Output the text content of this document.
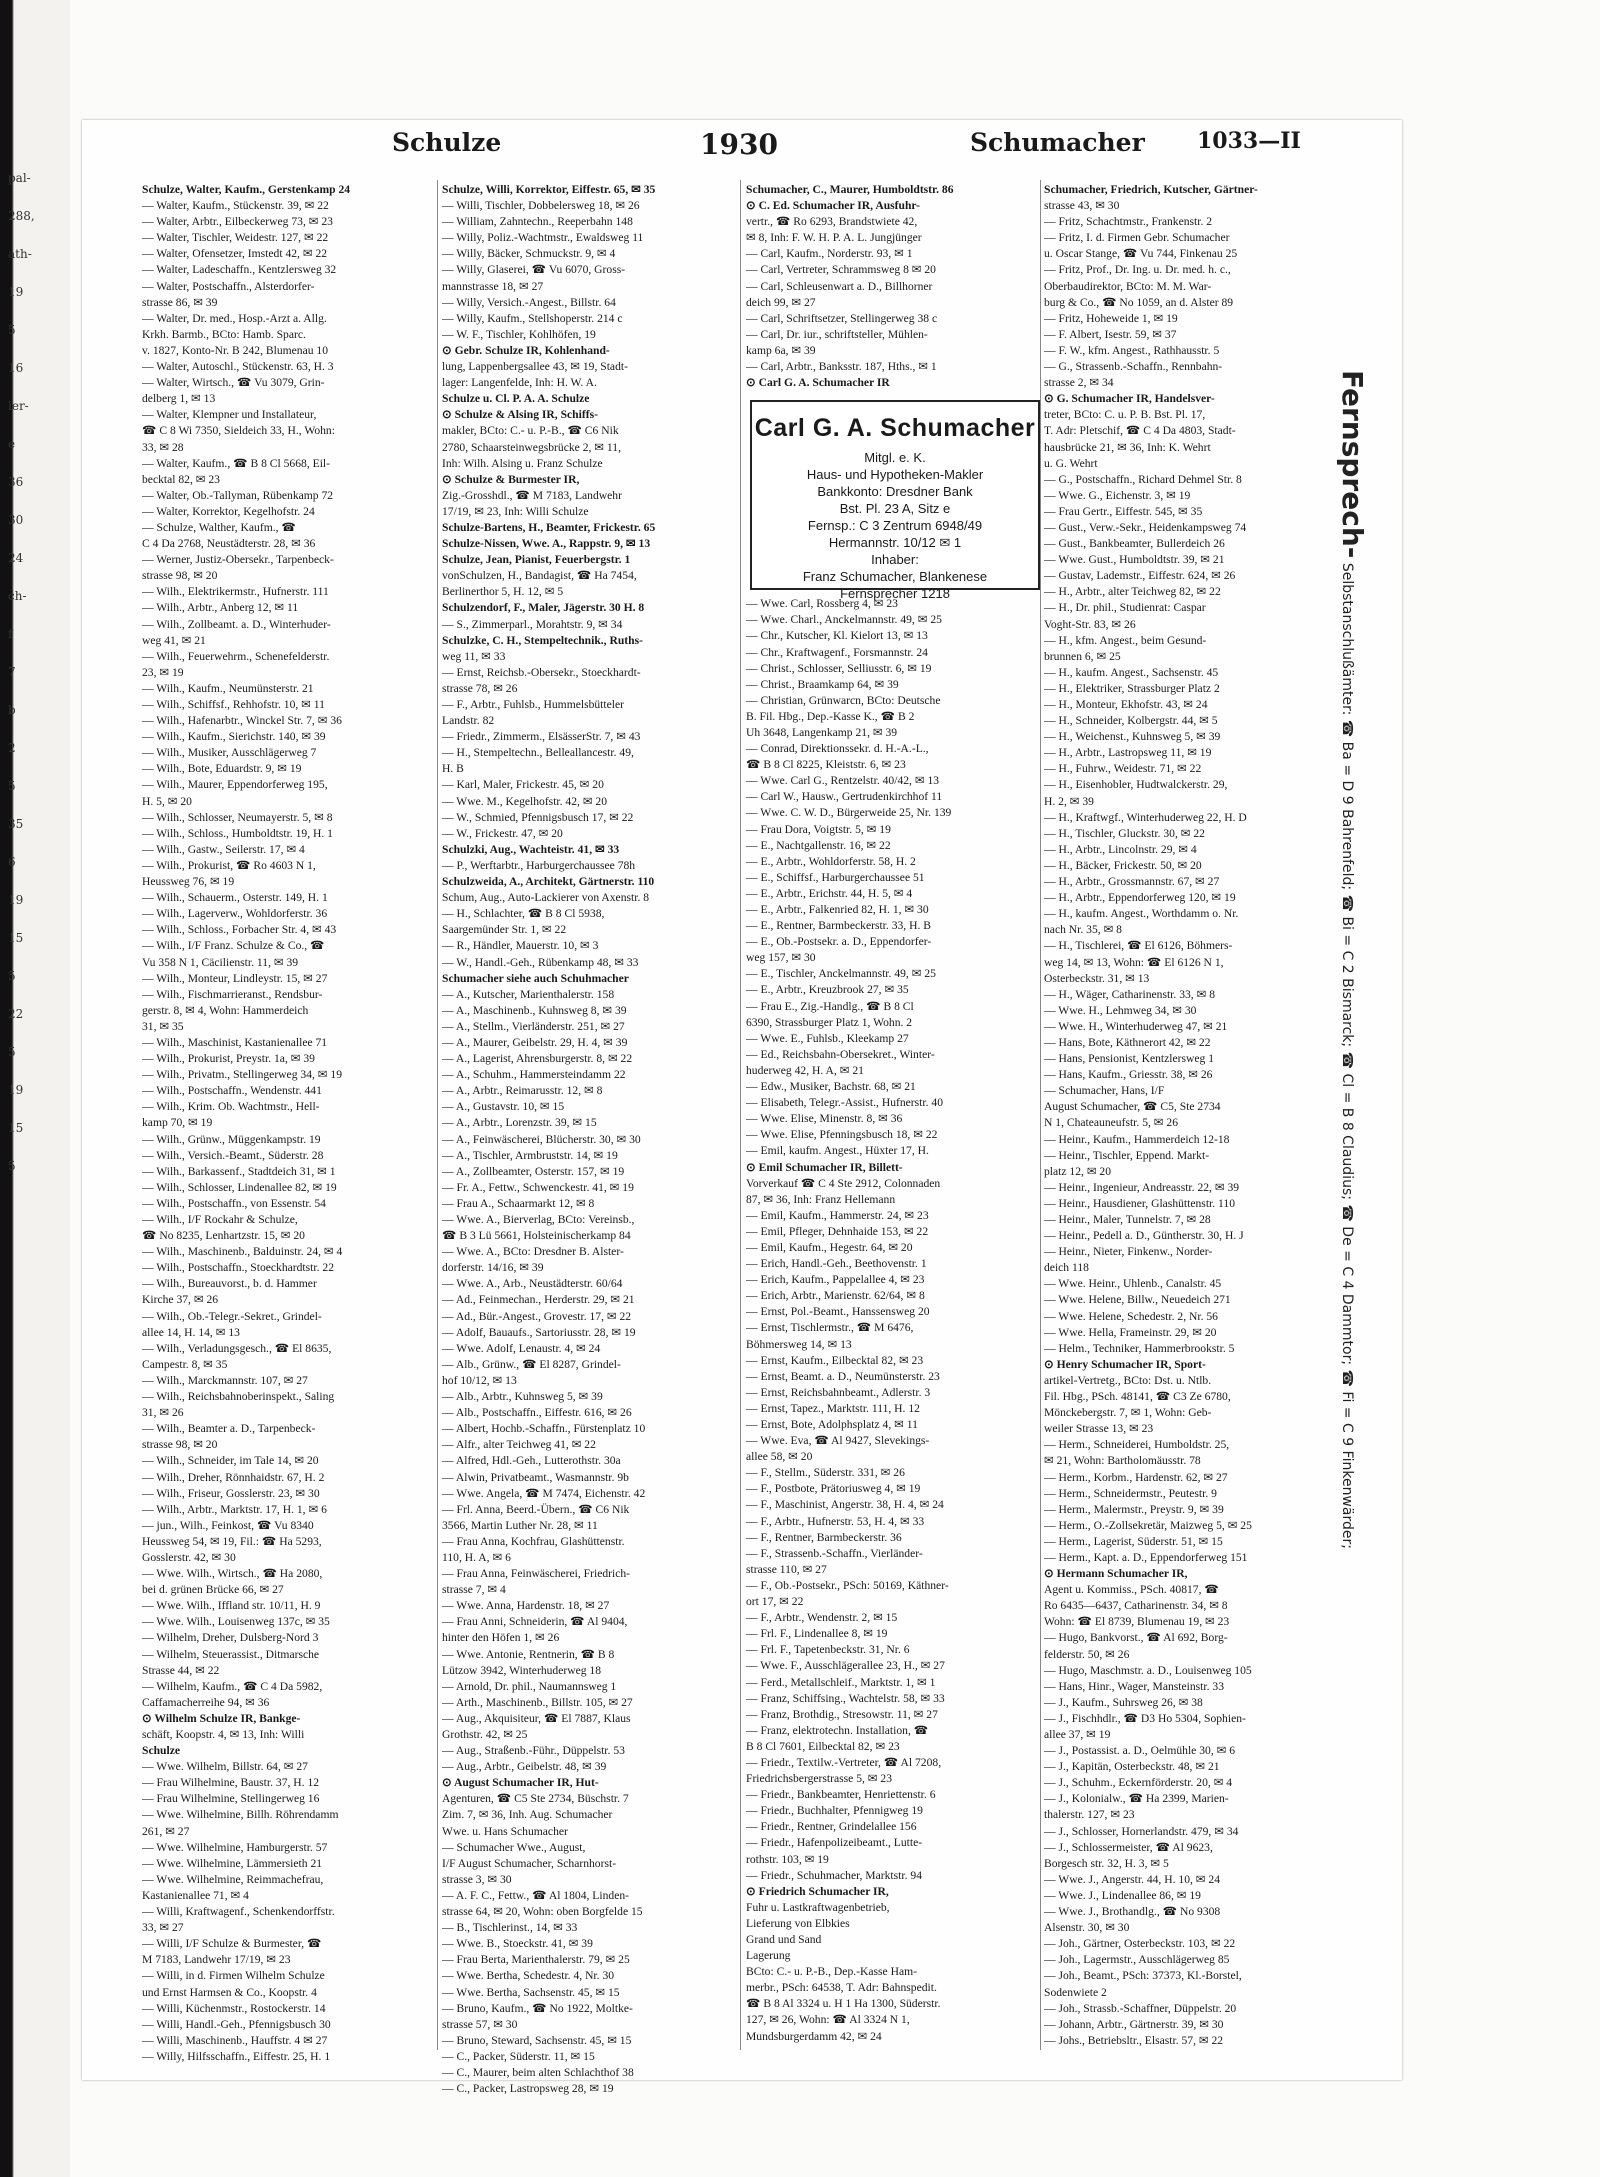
pal-
288,
ath-
19
5
16
ler-
e
36
30
24
ch-
f
7
b
2
5
35
6
19
15
5
22
5
19
15
5
Schulze	1930	Schumacher 1033—II
Schulze, Walter, Kaufm., Gerstenkamp 24
— Walter, Kaufm., Stückenstr. 39, ✉ 22
— Walter, Arbtr., Eilbeckerweg 73, ✉ 23
— Walter, Tischler, Weidestr. 127, ✉ 22
— Walter, Ofensetzer, Imstedt 42, ✉ 22
— Walter, Ladeschaffn., Kentzlersweg 32
— Walter, Postschaffn., Alsterdorfer-
strasse 86, ✉ 39
— Walter, Dr. med., Hosp.-Arzt a. Allg.
Krkh. Barmb., BCto: Hamb. Sparc.
v. 1827, Konto-Nr. B 242, Blumenau 10
— Walter, Autoschl., Stückenstr. 63, H. 3
— Walter, Wirtsch., ☎ Vu 3079, Grin-
delberg 1, ✉ 13
— Walter, Klempner und Installateur,
☎ C 8 Wi 7350, Sieldeich 33, H., Wohn:
33, ✉ 28
— Walter, Kaufm., ☎ B 8 Cl 5668, Eil-
becktal 82, ✉ 23
— Walter, Ob.-Tallyman, Rübenkamp 72
— Walter, Korrektor, Kegelhofstr. 24
— Schulze, Walther, Kaufm., ☎
C 4 Da 2768, Neustädterstr. 28, ✉ 36
— Werner, Justiz-Obersekr., Tarpenbeck-
strasse 98, ✉ 20
— Wilh., Elektrikermstr., Hufnerstr. 111
— Wilh., Arbtr., Anberg 12, ✉ 11
— Wilh., Zollbeamt. a. D., Winterhuder-
weg 41, ✉ 21
— Wilh., Feuerwehrm., Schenefelderstr.
23, ✉ 19
— Wilh., Kaufm., Neumünsterstr. 21
— Wilh., Schiffsf., Rehhofstr. 10, ✉ 11
— Wilh., Hafenarbtr., Winckel Str. 7, ✉ 36
— Wilh., Kaufm., Sierichstr. 140, ✉ 39
— Wilh., Musiker, Ausschlägerweg 7
— Wilh., Bote, Eduardstr. 9, ✉ 19
— Wilh., Maurer, Eppendorferweg 195,
H. 5, ✉ 20
— Wilh., Schlosser, Neumayerstr. 5, ✉ 8
— Wilh., Schloss., Humboldtstr. 19, H. 1
— Wilh., Gastw., Seilerstr. 17, ✉ 4
— Wilh., Prokurist, ☎ Ro 4603 N 1,
Heussweg 76, ✉ 19
— Wilh., Schauerm., Osterstr. 149, H. 1
— Wilh., Lagerverw., Wohldorferstr. 36
— Wilh., Schloss., Forbacher Str. 4, ✉ 43
— Wilh., I/F Franz. Schulze & Co., ☎
Vu 358 N 1, Cäcilienstr. 11, ✉ 39
— Wilh., Monteur, Lindleystr. 15, ✉ 27
— Wilh., Fischmarrieranst., Rendsbur-
gerstr. 8, ✉ 4, Wohn: Hammerdeich
31, ✉ 35
— Wilh., Maschinist, Kastanienallee 71
— Wilh., Prokurist, Preystr. 1a, ✉ 39
— Wilh., Privatm., Stellingerweg 34, ✉ 19
— Wilh., Postschaffn., Wendenstr. 441
— Wilh., Krim. Ob. Wachtmstr., Hell-
kamp 70, ✉ 19
— Wilh., Grünw., Müggenkampstr. 19
— Wilh., Versich.-Beamt., Süderstr. 28
— Wilh., Barkassenf., Stadtdeich 31, ✉ 1
— Wilh., Schlosser, Lindenallee 82, ✉ 19
— Wilh., Postschaffn., von Essenstr. 54
— Wilh., I/F Rockahr & Schulze,
☎ No 8235, Lenhartzstr. 15, ✉ 20
— Wilh., Maschinenb., Balduinstr. 24, ✉ 4
— Wilh., Postschaffn., Stoeckhardtstr. 22
— Wilh., Bureauvorst., b. d. Hammer
Kirche 37, ✉ 26
— Wilh., Ob.-Telegr.-Sekret., Grindel-
allee 14, H. 14, ✉ 13
— Wilh., Verladungsgesch., ☎ El 8635,
Campestr. 8, ✉ 35
— Wilh., Marckmannstr. 107, ✉ 27
— Wilh., Reichsbahnoberinspekt., Saling
31, ✉ 26
— Wilh., Beamter a. D., Tarpenbeck-
strasse 98, ✉ 20
— Wilh., Schneider, im Tale 14, ✉ 20
— Wilh., Dreher, Rönnhaidstr. 67, H. 2
— Wilh., Friseur, Gosslerstr. 23, ✉ 30
— Wilh., Arbtr., Marktstr. 17, H. 1, ✉ 6
— jun., Wilh., Feinkost, ☎ Vu 8340
Heussweg 54, ✉ 19, Fil.: ☎ Ha 5293,
Gosslerstr. 42, ✉ 30
— Wwe. Wilh., Wirtsch., ☎ Ha 2080,
bei d. grünen Brücke 66, ✉ 27
— Wwe. Wilh., Iffland str. 10/11, H. 9
— Wwe. Wilh., Louisenweg 137c, ✉ 35
— Wilhelm, Dreher, Dulsberg-Nord 3
— Wilhelm, Steuerassist., Ditmarsche
Strasse 44, ✉ 22
— Wilhelm, Kaufm., ☎ C 4 Da 5982,
Caffamacherreihe 94, ✉ 36
⊙ Wilhelm Schulze IR, Bankge-
schäft, Koopstr. 4, ✉ 13, Inh: Willi
Schulze
— Wwe. Wilhelm, Billstr. 64, ✉ 27
— Frau Wilhelmine, Baustr. 37, H. 12
— Frau Wilhelmine, Stellingerweg 16
— Wwe. Wilhelmine, Billh. Röhrendamm
261, ✉ 27
— Wwe. Wilhelmine, Hamburgerstr. 57
— Wwe. Wilhelmine, Lämmersieth 21
— Wwe. Wilhelmine, Reimmachefrau,
Kastanienallee 71, ✉ 4
— Willi, Kraftwagenf., Schenkendorffstr.
33, ✉ 27
— Willi, I/F Schulze & Burmester, ☎
M 7183, Landwehr 17/19, ✉ 23
— Willi, in d. Firmen Wilhelm Schulze
und Ernst Harmsen & Co., Koopstr. 4
— Willi, Küchenmstr., Rostockerstr. 14
— Willi, Handl.-Geh., Pfennigsbusch 30
— Willi, Maschinenb., Hauffstr. 4 ✉ 27
— Willy, Hilfsschaffn., Eiffestr. 25, H. 1
Schulze, Willi, Korrektor, Eiffestr. 65, ✉ 35
— Willi, Tischler, Dobbelersweg 18, ✉ 26
— William, Zahntechn., Reeperbahn 148
— Willy, Poliz.-Wachtmstr., Ewaldsweg 11
— Willy, Bäcker, Schmuckstr. 9, ✉ 4
— Willy, Glaserei, ☎ Vu 6070, Gross-
mannstrasse 18, ✉ 27
— Willy, Versich.-Angest., Billstr. 64
— Willy, Kaufm., Stellshoperstr. 214 c
— W. F., Tischler, Kohlhöfen, 19
⊙ Gebr. Schulze IR, Kohlenhand-
lung, Lappenbergsallee 43, ✉ 19, Stadt-
lager: Langenfelde, Inh: H. W. A.
Schulze u. Cl. P. A. A. Schulze
⊙ Schulze & Alsing IR, Schiffs-
makler, BCto: C.- u. P.-B., ☎ C6 Nik
2780, Schaarsteinwegsbrücke 2, ✉ 11,
Inh: Wilh. Alsing u. Franz Schulze
⊙ Schulze & Burmester IR,
Zig.-Grosshdl., ☎ M 7183, Landwehr
17/19, ✉ 23, Inh: Willi Schulze
Schulze-Bartens, H., Beamter, Frickestr. 65
Schulze-Nissen, Wwe. A., Rappstr. 9, ✉ 13
Schulze, Jean, Pianist, Feuerbergstr. 1
vonSchulzen, H., Bandagist, ☎ Ha 7454,
Berlinerthor 5, H. 12, ✉ 5
Schulzendorf, F., Maler, Jägerstr. 30 H. 8
— S., Zimmerparl., Morahtstr. 9, ✉ 34
Schulzke, C. H., Stempeltechnik., Ruths-
weg 11, ✉ 33
— Ernst, Reichsb.-Obersekr., Stoeckhardt-
strasse 78, ✉ 26
— F., Arbtr., Fuhlsb., Hummelsbütteler
Landstr. 82
— Friedr., Zimmerm., ElsässerStr. 7, ✉ 43
— H., Stempeltechn., Belleallancestr. 49,
H. B
— Karl, Maler, Frickestr. 45, ✉ 20
— Wwe. M., Kegelhofstr. 42, ✉ 20
— W., Schmied, Pfennigsbusch 17, ✉ 22
— W., Frickestr. 47, ✉ 20
Schulzki, Aug., Wachteistr. 41, ✉ 33
— P., Werftarbtr., Harburgerchaussee 78h
Schulzweida, A., Architekt, Gärtnerstr. 110
Schum, Aug., Auto-Lackierer von Axenstr. 8
— H., Schlachter, ☎ B 8 Cl 5938,
Saargemünder Str. 1, ✉ 22
— R., Händler, Mauerstr. 10, ✉ 3
— W., Handl.-Geh., Rübenkamp 48, ✉ 33
Schumacher siehe auch Schuhmacher
— A., Kutscher, Marienthalerstr. 158
— A., Maschinenb., Kuhnsweg 8, ✉ 39
— A., Stellm., Vierländerstr. 251, ✉ 27
— A., Maurer, Geibelstr. 29, H. 4, ✉ 39
— A., Lagerist, Ahrensburgerstr. 8, ✉ 22
— A., Schuhm., Hammersteindamm 22
— A., Arbtr., Reimarusstr. 12, ✉ 8
— A., Gustavstr. 10, ✉ 15
— A., Arbtr., Lorenzstr. 39, ✉ 15
— A., Feinwäscherei, Blücherstr. 30, ✉ 30
— A., Tischler, Armbruststr. 14, ✉ 19
— A., Zollbeamter, Osterstr. 157, ✉ 19
— Fr. A., Fettw., Schwenckestr. 41, ✉ 19
— Frau A., Schaarmarkt 12, ✉ 8
— Wwe. A., Bierverlag, BCto: Vereinsb.,
☎ B 3 Lü 5661, Holsteinischerkamp 84
— Wwe. A., BCto: Dresdner B. Alster-
dorferstr. 14/16, ✉ 39
— Wwe. A., Arb., Neustädterstr. 60/64
— Ad., Feinmechan., Herderstr. 29, ✉ 21
— Ad., Bür.-Angest., Grovestr. 17, ✉ 22
— Adolf, Bauaufs., Sartoriusstr. 28, ✉ 19
— Wwe. Adolf, Lenaustr. 4, ✉ 24
— Alb., Grünw., ☎ El 8287, Grindel-
hof 10/12, ✉ 13
— Alb., Arbtr., Kuhnsweg 5, ✉ 39
— Alb., Postschaffn., Eiffestr. 616, ✉ 26
— Albert, Hochb.-Schaffn., Fürstenplatz 10
— Alfr., alter Teichweg 41, ✉ 22
— Alfred, Hdl.-Geh., Lutterothstr. 30a
— Alwin, Privatbeamt., Wasmannstr. 9b
— Wwe. Angela, ☎ M 7474, Eichenstr. 42
— Frl. Anna, Beerd.-Übern., ☎ C6 Nik
3566, Martin Luther Nr. 28, ✉ 11
— Frau Anna, Kochfrau, Glashüttenstr.
110, H. A, ✉ 6
— Frau Anna, Feinwäscherei, Friedrich-
strasse 7, ✉ 4
— Wwe. Anna, Hardenstr. 18, ✉ 27
— Frau Anni, Schneiderin, ☎ Al 9404,
hinter den Höfen 1, ✉ 26
— Wwe. Antonie, Rentnerin, ☎ B 8
Lützow 3942, Winterhuderweg 18
— Arnold, Dr. phil., Naumannsweg 1
— Arth., Maschinenb., Billstr. 105, ✉ 27
— Aug., Akquisiteur, ☎ El 7887, Klaus
Grothstr. 42, ✉ 25
— Aug., Straßenb.-Führ., Düppelstr. 53
— Aug., Arbtr., Geibelstr. 48, ✉ 39
⊙ August Schumacher IR, Hut-
Agenturen, ☎ C5 Ste 2734, Büschstr. 7
Zim. 7, ✉ 36, Inh. Aug. Schumacher
Wwe. u. Hans Schumacher
— Schumacher Wwe., August,
I/F August Schumacher, Scharnhorst-
strasse 3, ✉ 30
— A. F. C., Fettw., ☎ Al 1804, Linden-
strasse 64, ✉ 20, Wohn: oben Borgfelde 15
— B., Tischlerinst., 14, ✉ 33
— Wwe. B., Stoeckstr. 41, ✉ 39
— Frau Berta, Marienthalerstr. 79, ✉ 25
— Wwe. Bertha, Schedestr. 4, Nr. 30
— Wwe. Bertha, Sachsenstr. 45, ✉ 15
— Bruno, Kaufm., ☎ No 1922, Moltke-
strasse 57, ✉ 30
— Bruno, Steward, Sachsenstr. 45, ✉ 15
— C., Packer, Süderstr. 11, ✉ 15
— C., Maurer, beim alten Schlachthof 38
— C., Packer, Lastropsweg 28, ✉ 19
Schumacher, C., Maurer, Humboldtstr. 86
⊙ C. Ed. Schumacher IR, Ausfuhr-
vertr., ☎ Ro 6293, Brandstwiete 42,
✉ 8, Inh: F. W. H. P. A. L. Jungjünger
— Carl, Kaufm., Norderstr. 93, ✉ 1
— Carl, Vertreter, Schrammsweg 8 ✉ 20
— Carl, Schleusenwart a. D., Billhorner
deich 99, ✉ 27
— Carl, Schriftsetzer, Stellingerweg 38 c
— Carl, Dr. iur., schriftsteller, Mühlen-
kamp 6a, ✉ 39
— Carl, Arbtr., Banksstr. 187, Hths., ✉ 1
⊙ Carl G. A. Schumacher IR
— Wwe. Carl, Rossberg 4, ✉ 23
— Wwe. Charl., Anckelmannstr. 49, ✉ 25
— Chr., Kutscher, Kl. Kielort 13, ✉ 13
— Chr., Kraftwagenf., Forsmannstr. 24
— Christ., Schlosser, Selliusstr. 6, ✉ 19
— Christ., Braamkamp 64, ✉ 39
— Christian, Grünwarcn, BCto: Deutsche
B. Fil. Hbg., Dep.-Kasse K., ☎ B 2
Uh 3648, Langenkamp 21, ✉ 39
— Conrad, Direktionssekr. d. H.-A.-L.,
☎ B 8 Cl 8225, Kleiststr. 6, ✉ 23
— Wwe. Carl G., Rentzelstr. 40/42, ✉ 13
— Carl W., Hausw., Gertrudenkirchhof 11
— Wwe. C. W. D., Bürgerweide 25, Nr. 139
— Frau Dora, Voigtstr. 5, ✉ 19
— E., Nachtgallenstr. 16, ✉ 22
— E., Arbtr., Wohldorferstr. 58, H. 2
— E., Schiffsf., Harburgerchaussee 51
— E., Arbtr., Erichstr. 44, H. 5, ✉ 4
— E., Arbtr., Falkenried 82, H. 1, ✉ 30
— E., Rentner, Barmbeckerstr. 33, H. B
— E., Ob.-Postsekr. a. D., Eppendorfer-
weg 157, ✉ 30
— E., Tischler, Anckelmannstr. 49, ✉ 25
— E., Arbtr., Kreuzbrook 27, ✉ 35
— Frau E., Zig.-Handlg., ☎ B 8 Cl
6390, Strassburger Platz 1, Wohn. 2
— Wwe. E., Fuhlsb., Kleekamp 27
— Ed., Reichsbahn-Obersekret., Winter-
huderweg 42, H. A, ✉ 21
— Edw., Musiker, Bachstr. 68, ✉ 21
— Elisabeth, Telegr.-Assist., Hufnerstr. 40
— Wwe. Elise, Minenstr. 8, ✉ 36
— Wwe. Elise, Pfenningsbusch 18, ✉ 22
— Emil, kaufm. Angest., Hüxter 17, H.
⊙ Emil Schumacher IR, Billett-
Vorverkauf ☎ C 4 Ste 2912, Colonnaden
87, ✉ 36, Inh: Franz Hellemann
— Emil, Kaufm., Hammerstr. 24, ✉ 23
— Emil, Pfleger, Dehnhaide 153, ✉ 22
— Emil, Kaufm., Hegestr. 64, ✉ 20
— Erich, Handl.-Geh., Beethovenstr. 1
— Erich, Kaufm., Pappelallee 4, ✉ 23
— Erich, Arbtr., Marienstr. 62/64, ✉ 8
— Ernst, Pol.-Beamt., Hanssensweg 20
— Ernst, Tischlermstr., ☎ M 6476,
Böhmersweg 14, ✉ 13
— Ernst, Kaufm., Eilbecktal 82, ✉ 23
— Ernst, Beamt. a. D., Neumünsterstr. 23
— Ernst, Reichsbahnbeamt., Adlerstr. 3
— Ernst, Tapez., Marktstr. 111, H. 12
— Ernst, Bote, Adolphsplatz 4, ✉ 11
— Wwe. Eva, ☎ Al 9427, Slevekings-
allee 58, ✉ 20
— F., Stellm., Süderstr. 331, ✉ 26
— F., Postbote, Prätoriusweg 4, ✉ 19
— F., Maschinist, Angerstr. 38, H. 4, ✉ 24
— F., Arbtr., Hufnerstr. 53, H. 4, ✉ 33
— F., Rentner, Barmbeckerstr. 36
— F., Strassenb.-Schaffn., Vierländer-
strasse 110, ✉ 27
— F., Ob.-Postsekr., PSch: 50169, Käthner-
ort 17, ✉ 22
— F., Arbtr., Wendenstr. 2, ✉ 15
— Frl. F., Lindenallee 8, ✉ 19
— Frl. F., Tapetenbeckstr. 31, Nr. 6
— Wwe. F., Ausschlägerallee 23, H., ✉ 27
— Ferd., Metallschleif., Marktstr. 1, ✉ 1
— Franz, Schiffsing., Wachtelstr. 58, ✉ 33
— Franz, Brothdig., Stresowstr. 11, ✉ 27
— Franz, elektrotechn. Installation, ☎
B 8 Cl 7601, Eilbecktal 82, ✉ 23
— Friedr., Textilw.-Vertreter, ☎ Al 7208,
Friedrichsbergerstrasse 5, ✉ 23
— Friedr., Bankbeamter, Henriettenstr. 6
— Friedr., Buchhalter, Pfennigweg 19
— Friedr., Rentner, Grindelallee 156
— Friedr., Hafenpolizeibeamt., Lutte-
rothstr. 103, ✉ 19
— Friedr., Schuhmacher, Marktstr. 94
⊙ Friedrich Schumacher IR,
Fuhr u. Lastkraftwagenbetrieb,
Lieferung von Elbkies
Grand und Sand
Lagerung
BCto: C.- u. P.-B., Dep.-Kasse Ham-
merbr., PSch: 64538, T. Adr: Bahnspedit.
☎ B 8 Al 3324 u. H 1 Ha 1300, Süderstr.
127, ✉ 26, Wohn: ☎ Al 3324 N 1,
Mundsburgerdamm 42, ✉ 24
Schumacher, Friedrich, Kutscher, Gärtner-
strasse 43, ✉ 30
— Fritz, Schachtmstr., Frankenstr. 2
— Fritz, I. d. Firmen Gebr. Schumacher
u. Oscar Stange, ☎ Vu 744, Finkenau 25
— Fritz, Prof., Dr. Ing. u. Dr. med. h. c.,
Oberbaudirektor, BCto: M. M. War-
burg & Co., ☎ No 1059, an d. Alster 89
— Fritz, Hoheweide 1, ✉ 19
— F. Albert, Isestr. 59, ✉ 37
— F. W., kfm. Angest., Rathhausstr. 5
— G., Strassenb.-Schaffn., Rennbahn-
strasse 2, ✉ 34
⊙ G. Schumacher IR, Handelsver-
treter, BCto: C. u. P. B. Bst. Pl. 17,
T. Adr: Pletschif, ☎ C 4 Da 4803, Stadt-
hausbrücke 21, ✉ 36, Inh: K. Wehrt
u. G. Wehrt
— G., Postschaffn., Richard Dehmel Str. 8
— Wwe. G., Eichenstr. 3, ✉ 19
— Frau Gertr., Eiffestr. 545, ✉ 35
— Gust., Verw.-Sekr., Heidenkampsweg 74
— Gust., Bankbeamter, Bullerdeich 26
— Wwe. Gust., Humboldtstr. 39, ✉ 21
— Gustav, Lademstr., Eiffestr. 624, ✉ 26
— H., Arbtr., alter Teichweg 82, ✉ 22
— H., Dr. phil., Studienrat: Caspar
Voght-Str. 83, ✉ 26
— H., kfm. Angest., beim Gesund-
brunnen 6, ✉ 25
— H., kaufm. Angest., Sachsenstr. 45
— H., Elektriker, Strassburger Platz 2
— H., Monteur, Ekhofstr. 43, ✉ 24
— H., Schneider, Kolbergstr. 44, ✉ 5
— H., Weichenst., Kuhnsweg 5, ✉ 39
— H., Arbtr., Lastropsweg 11, ✉ 19
— H., Fuhrw., Weidestr. 71, ✉ 22
— H., Eisenhobler, Hudtwalckerstr. 29,
H. 2, ✉ 39
— H., Kraftwgf., Winterhuderweg 22, H. D
— H., Tischler, Gluckstr. 30, ✉ 22
— H., Arbtr., Lincolnstr. 29, ✉ 4
— H., Bäcker, Frickestr. 50, ✉ 20
— H., Arbtr., Grossmannstr. 67, ✉ 27
— H., Arbtr., Eppendorferweg 120, ✉ 19
— H., kaufm. Angest., Worthdamm o. Nr.
nach Nr. 35, ✉ 8
— H., Tischlerei, ☎ El 6126, Böhmers-
weg 14, ✉ 13, Wohn: ☎ El 6126 N 1,
Osterbeckstr. 31, ✉ 13
— H., Wäger, Catharinenstr. 33, ✉ 8
— Wwe. H., Lehmweg 34, ✉ 30
— Wwe. H., Winterhuderweg 47, ✉ 21
— Hans, Bote, Käthnerort 42, ✉ 22
— Hans, Pensionist, Kentzlersweg 1
— Hans, Kaufm., Griesstr. 38, ✉ 26
— Schumacher, Hans, I/F
August Schumacher, ☎ C5, Ste 2734
N 1, Chateauneufstr. 5, ✉ 26
— Heinr., Kaufm., Hammerdeich 12-18
— Heinr., Tischler, Eppend. Markt-
platz 12, ✉ 20
— Heinr., Ingenieur, Andreasstr. 22, ✉ 39
— Heinr., Hausdiener, Glashüttenstr. 110
— Heinr., Maler, Tunnelstr. 7, ✉ 28
— Heinr., Pedell a. D., Güntherstr. 30, H. J
— Heinr., Nieter, Finkenw., Norder-
deich 118
— Wwe. Heinr., Uhlenb., Canalstr. 45
— Wwe. Helene, Billw., Neuedeich 271
— Wwe. Helene, Schedestr. 2, Nr. 56
— Wwe. Hella, Frameinstr. 29, ✉ 20
— Helm., Techniker, Hammerbrookstr. 5
⊙ Henry Schumacher IR, Sport-
artikel-Vertretg., BCto: Dst. u. Ntlb.
Fil. Hbg., PSch. 48141, ☎ C3 Ze 6780,
Mönckebergstr. 7, ✉ 1, Wohn: Geb-
weiler Strasse 13, ✉ 23
— Herm., Schneiderei, Humboldstr. 25,
✉ 21, Wohn: Bartholomäusstr. 78
— Herm., Korbm., Hardenstr. 62, ✉ 27
— Herm., Schneidermstr., Peutestr. 9
— Herm., Malermstr., Preystr. 9, ✉ 39
— Herm., O.-Zollsekretär, Maizweg 5, ✉ 25
— Herm., Lagerist, Süderstr. 51, ✉ 15
— Herm., Kapt. a. D., Eppendorferweg 151
⊙ Hermann Schumacher IR,
Agent u. Kommiss., PSch. 40817, ☎
Ro 6435—6437, Catharinenstr. 34, ✉ 8
Wohn: ☎ El 8739, Blumenau 19, ✉ 23
— Hugo, Bankvorst., ☎ Al 692, Borg-
felderstr. 50, ✉ 26
— Hugo, Maschmstr. a. D., Louisenweg 105
— Hans, Hinr., Wager, Mansteinstr. 33
— J., Kaufm., Suhrsweg 26, ✉ 38
— J., Fischhdlr., ☎ D3 Ho 5304, Sophien-
allee 37, ✉ 19
— J., Postassist. a. D., Oelmühle 30, ✉ 6
— J., Kapitän, Osterbeckstr. 48, ✉ 21
— J., Schuhm., Eckernförderstr. 20, ✉ 4
— J., Kolonialw., ☎ Ha 2399, Marien-
thalerstr. 127, ✉ 23
— J., Schlosser, Hornerlandstr. 479, ✉ 34
— J., Schlossermeister, ☎ Al 9623,
Borgesch str. 32, H. 3, ✉ 5
— Wwe. J., Angerstr. 44, H. 10, ✉ 24
— Wwe. J., Lindenallee 86, ✉ 19
— Wwe. J., Brothandlg., ☎ No 9308
Alsenstr. 30, ✉ 30
— Joh., Gärtner, Osterbeckstr. 103, ✉ 22
— Joh., Lagermstr., Ausschlägerweg 85
— Joh., Beamt., PSch: 37373, Kl.-Borstel,
Sodenwiete 2
— Joh., Strassb.-Schaffner, Düppelstr. 20
— Johann, Arbtr., Gärtnerstr. 39, ✉ 30
— Johs., Betriebsltr., Elsastr. 57, ✉ 22
Carl G. A. Schumacher
Mitgl. e. K.
Haus- und Hypotheken-Makler
Bankkonto: Dresdner Bank
Bst. Pl. 23 A, Sitz e
Fernsp.: C 3 Zentrum 6948/49
Hermannstr. 10/12 ✉ 1
Inhaber:
Franz Schumacher, Blankenese
Fernsprecher 1218
Fernsprech- Selbstanschlußämter: ☎ Ba = D 9 Bahrenfeld; ☎ Bi = C 2 Bismarck; ☎ Cl = B 8 Claudius; ☎ De = C 4 Dammtor; ☎ Fi = C 9 Finkenwärder;
